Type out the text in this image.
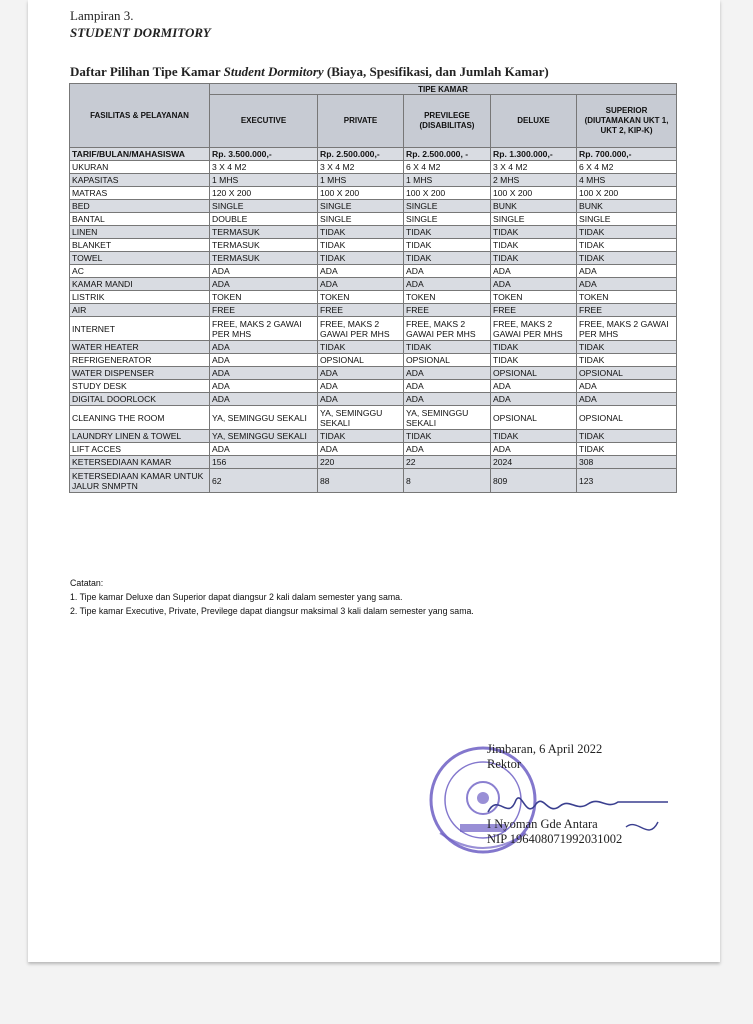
Lampiran 3.
STUDENT DORMITORY
Daftar Pilihan Tipe Kamar Student Dormitory (Biaya, Spesifikasi, dan Jumlah Kamar)
FASILITAS & PELAYANAN	TIPE KAMAR				
	EXECUTIVE	PRIVATE	PREVILEGE (DISABILITAS)	DELUXE	SUPERIOR (DIUTAMAKAN UKT 1, UKT 2, KIP-K)
TARIF/BULAN/MAHASISWA	Rp. 3.500.000,-	Rp. 2.500.000,-	Rp. 2.500.000, -	Rp. 1.300.000,-	Rp. 700.000,-
UKURAN	3 X 4 M2	3 X 4 M2	6 X 4 M2	3 X 4 M2	6 X 4 M2
KAPASITAS	1 MHS	1 MHS	1 MHS	2 MHS	4 MHS
MATRAS	120 X 200	100 X 200	100 X 200	100 X 200	100 X 200
BED	SINGLE	SINGLE	SINGLE	BUNK	BUNK
BANTAL	DOUBLE	SINGLE	SINGLE	SINGLE	SINGLE
LINEN	TERMASUK	TIDAK	TIDAK	TIDAK	TIDAK
BLANKET	TERMASUK	TIDAK	TIDAK	TIDAK	TIDAK
TOWEL	TERMASUK	TIDAK	TIDAK	TIDAK	TIDAK
AC	ADA	ADA	ADA	ADA	ADA
KAMAR MANDI	ADA	ADA	ADA	ADA	ADA
LISTRIK	TOKEN	TOKEN	TOKEN	TOKEN	TOKEN
AIR	FREE	FREE	FREE	FREE	FREE
INTERNET	FREE, MAKS 2 GAWAI PER MHS	FREE, MAKS 2 GAWAI PER MHS	FREE, MAKS 2 GAWAI PER MHS	FREE, MAKS 2 GAWAI PER MHS	FREE, MAKS 2 GAWAI PER MHS
WATER HEATER	ADA	TIDAK	TIDAK	TIDAK	TIDAK
REFRIGENERATOR	ADA	OPSIONAL	OPSIONAL	TIDAK	TIDAK
WATER DISPENSER	ADA	ADA	ADA	OPSIONAL	OPSIONAL
STUDY DESK	ADA	ADA	ADA	ADA	ADA
DIGITAL DOORLOCK	ADA	ADA	ADA	ADA	ADA
CLEANING THE ROOM	YA, SEMINGGU SEKALI	YA, SEMINGGU SEKALI	YA, SEMINGGU SEKALI	OPSIONAL	OPSIONAL
LAUNDRY LINEN & TOWEL	YA, SEMINGGU SEKALI	TIDAK	TIDAK	TIDAK	TIDAK
LIFT ACCES	ADA	ADA	ADA	ADA	TIDAK
KETERSEDIAAN KAMAR	156	220	22	2024	308
KETERSEDIAAN KAMAR UNTUK JALUR SNMPTN	62	88	8	809	123
Catatan:
1. Tipe kamar Deluxe dan Superior dapat diangsur 2 kali dalam semester yang sama.
2. Tipe kamar Executive, Private, Previlege dapat diangsur maksimal 3 kali dalam semester yang sama.
Jimbaran, 6 April 2022
Rektor
I Nyoman Gde Antara
NIP 196408071992031002
